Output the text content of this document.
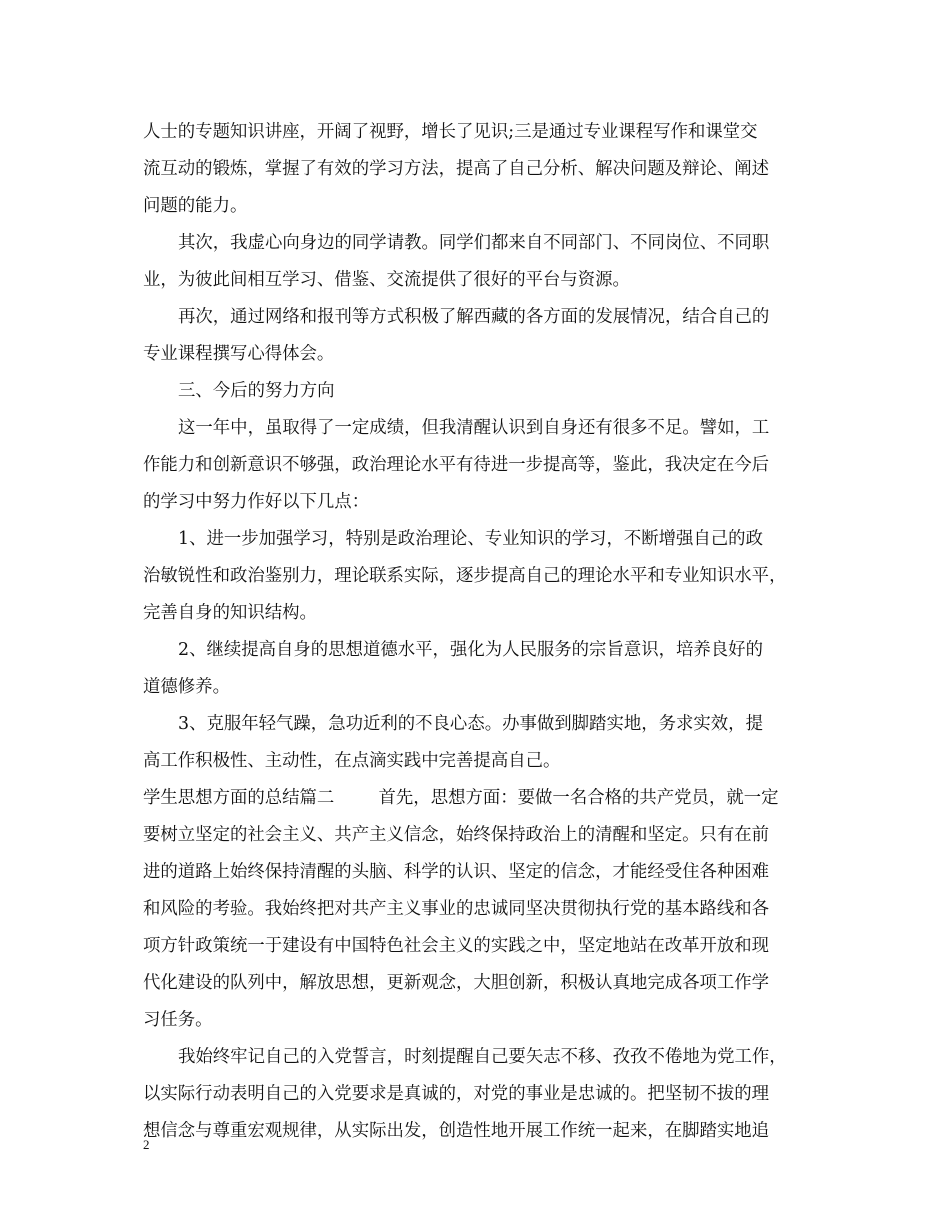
人士的专题知识讲座，开阔了视野，增长了见识;三是通过专业课程写作和课堂交
流互动的锻炼，掌握了有效的学习方法，提高了自己分析、解决问题及辩论、阐述
问题的能力。
其次，我虚心向身边的同学请教。同学们都来自不同部门、不同岗位、不同职
业，为彼此间相互学习、借鉴、交流提供了很好的平台与资源。
再次，通过网络和报刊等方式积极了解西藏的各方面的发展情况，结合自己的
专业课程撰写心得体会。
三、今后的努力方向
这一年中，虽取得了一定成绩，但我清醒认识到自身还有很多不足。譬如，工
作能力和创新意识不够强，政治理论水平有待进一步提高等，鉴此，我决定在今后
的学习中努力作好以下几点：
1、进一步加强学习，特别是政治理论、专业知识的学习，不断增强自己的政
治敏锐性和政治鉴别力，理论联系实际，逐步提高自己的理论水平和专业知识水平，
完善自身的知识结构。
2、继续提高自身的思想道德水平，强化为人民服务的宗旨意识，培养良好的
道德修养。
3、克服年轻气躁，急功近利的不良心态。办事做到脚踏实地，务求实效，提
高工作积极性、主动性，在点滴实践中完善提高自己。
学生思想方面的总结篇二        首先，思想方面：要做一名合格的共产党员，就一定
要树立坚定的社会主义、共产主义信念，始终保持政治上的清醒和坚定。只有在前
进的道路上始终保持清醒的头脑、科学的认识、坚定的信念，才能经受住各种困难
和风险的考验。我始终把对共产主义事业的忠诚同坚决贯彻执行党的基本路线和各
项方针政策统一于建设有中国特色社会主义的实践之中，坚定地站在改革开放和现
代化建设的队列中，解放思想，更新观念，大胆创新，积极认真地完成各项工作学
习任务。
我始终牢记自己的入党誓言，时刻提醒自己要矢志不移、孜孜不倦地为党工作，
以实际行动表明自己的入党要求是真诚的，对党的事业是忠诚的。把坚韧不拔的理
想信念与尊重宏观规律，从实际出发，创造性地开展工作统一起来，在脚踏实地追
2
